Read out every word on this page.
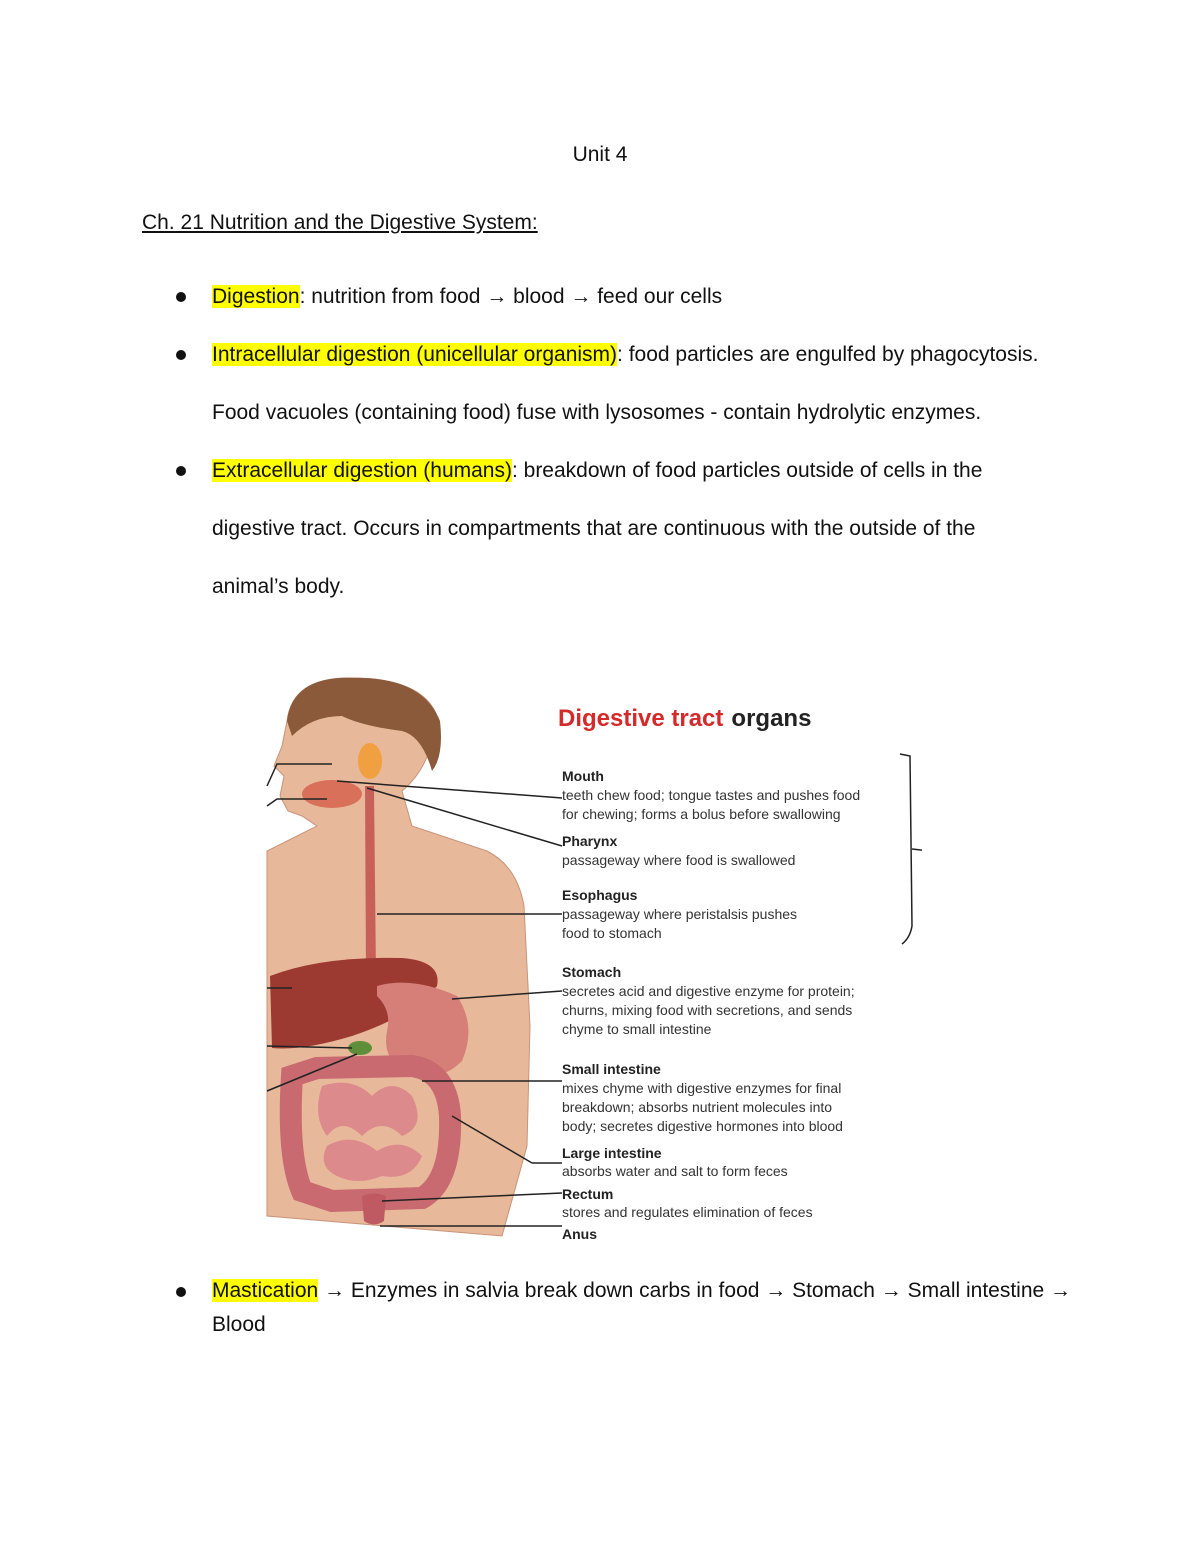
Unit 4
Ch. 21 Nutrition and the Digestive System:
Digestion: nutrition from food → blood → feed our cells
Intracellular digestion (unicellular organism): food particles are engulfed by phagocytosis. Food vacuoles (containing food) fuse with lysosomes - contain hydrolytic enzymes.
Extracellular digestion (humans): breakdown of food particles outside of cells in the digestive tract. Occurs in compartments that are continuous with the outside of the animal’s body.
Digestive tract organs
Mouth
teeth chew food; tongue tastes and pushes food
for chewing; forms a bolus before swallowing
Pharynx
passageway where food is swallowed
Esophagus
passageway where peristalsis pushes
food to stomach
Stomach
secretes acid and digestive enzyme for protein;
churns, mixing food with secretions, and sends
chyme to small intestine
Small intestine
mixes chyme with digestive enzymes for final
breakdown; absorbs nutrient molecules into
body; secretes digestive hormones into blood
Large intestine
absorbs water and salt to form feces
Rectum
stores and regulates elimination of feces
Anus
Mastication → Enzymes in salvia break down carbs in food → Stomach → Small intestine → Blood
